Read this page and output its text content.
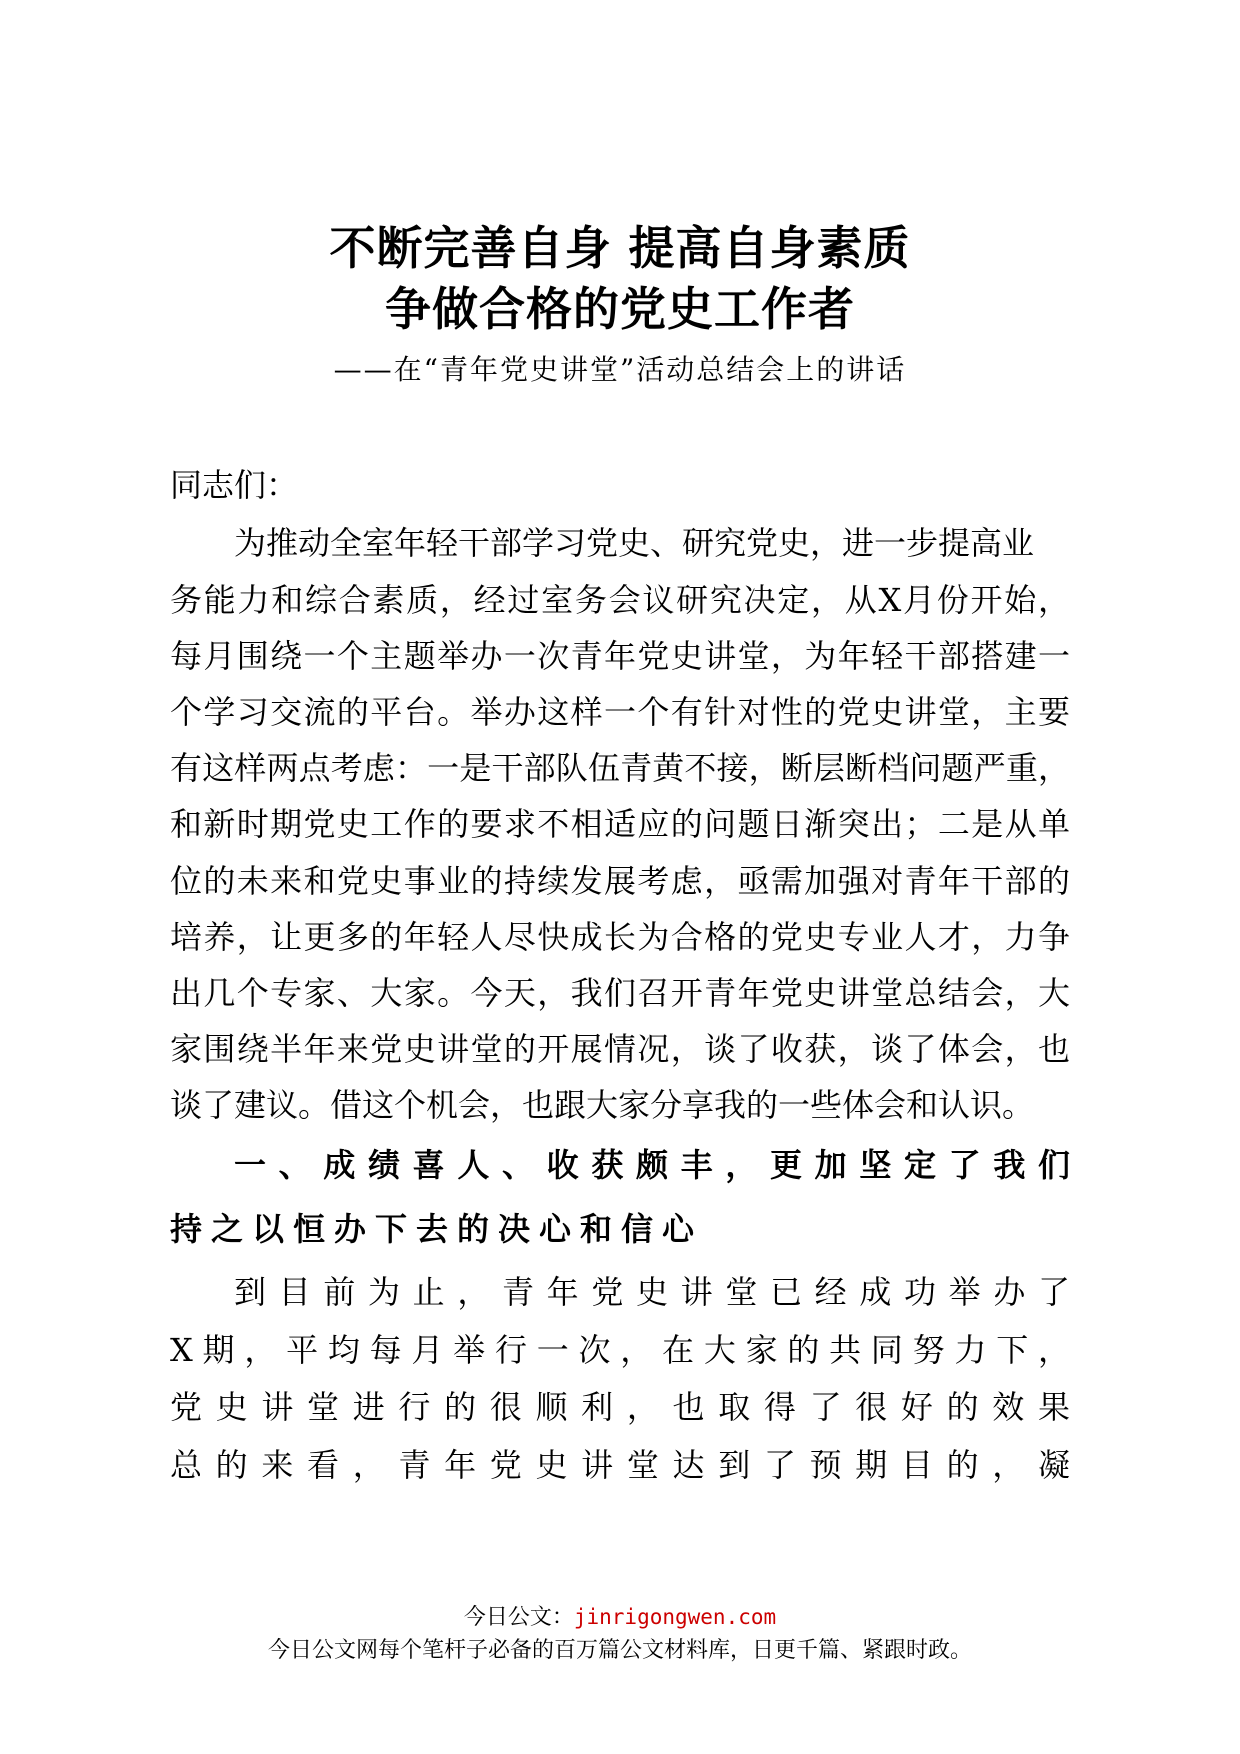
不断完善自身 提高自身素质
争做合格的党史工作者

——在“青年党史讲堂”活动总结会上的讲话

同志们：

为推动全室年轻干部学习党史、研究党史，进一步提高业

务能力和综合素质，经过室务会议研究决定，从X月份开始，

每月围绕一个主题举办一次青年党史讲堂，为年轻干部搭建一

个学习交流的平台。举办这样一个有针对性的党史讲堂，主要

有这样两点考虑：一是干部队伍青黄不接，断层断档问题严重，

和新时期党史工作的要求不相适应的问题日渐突出；二是从单

位的未来和党史事业的持续发展考虑，亟需加强对青年干部的

培养，让更多的年轻人尽快成长为合格的党史专业人才，力争

出几个专家、大家。今天，我们召开青年党史讲堂总结会，大

家围绕半年来党史讲堂的开展情况，谈了收获，谈了体会，也

谈了建议。借这个机会，也跟大家分享我的一些体会和认识。

一、成绩喜人、收获颇丰，更加坚定了我们

持之以恒办下去的决心和信心

到目前为止，青年党史讲堂已经成功举办了

X期，平均每月举行一次，在大家的共同努力下，

党史讲堂进行的很顺利，也取得了很好的效果

总的来看，青年党史讲堂达到了预期目的，凝

今日公文：jinrigongwen.com

今日公文网每个笔杆子必备的百万篇公文材料库，日更千篇、紧跟时政。
